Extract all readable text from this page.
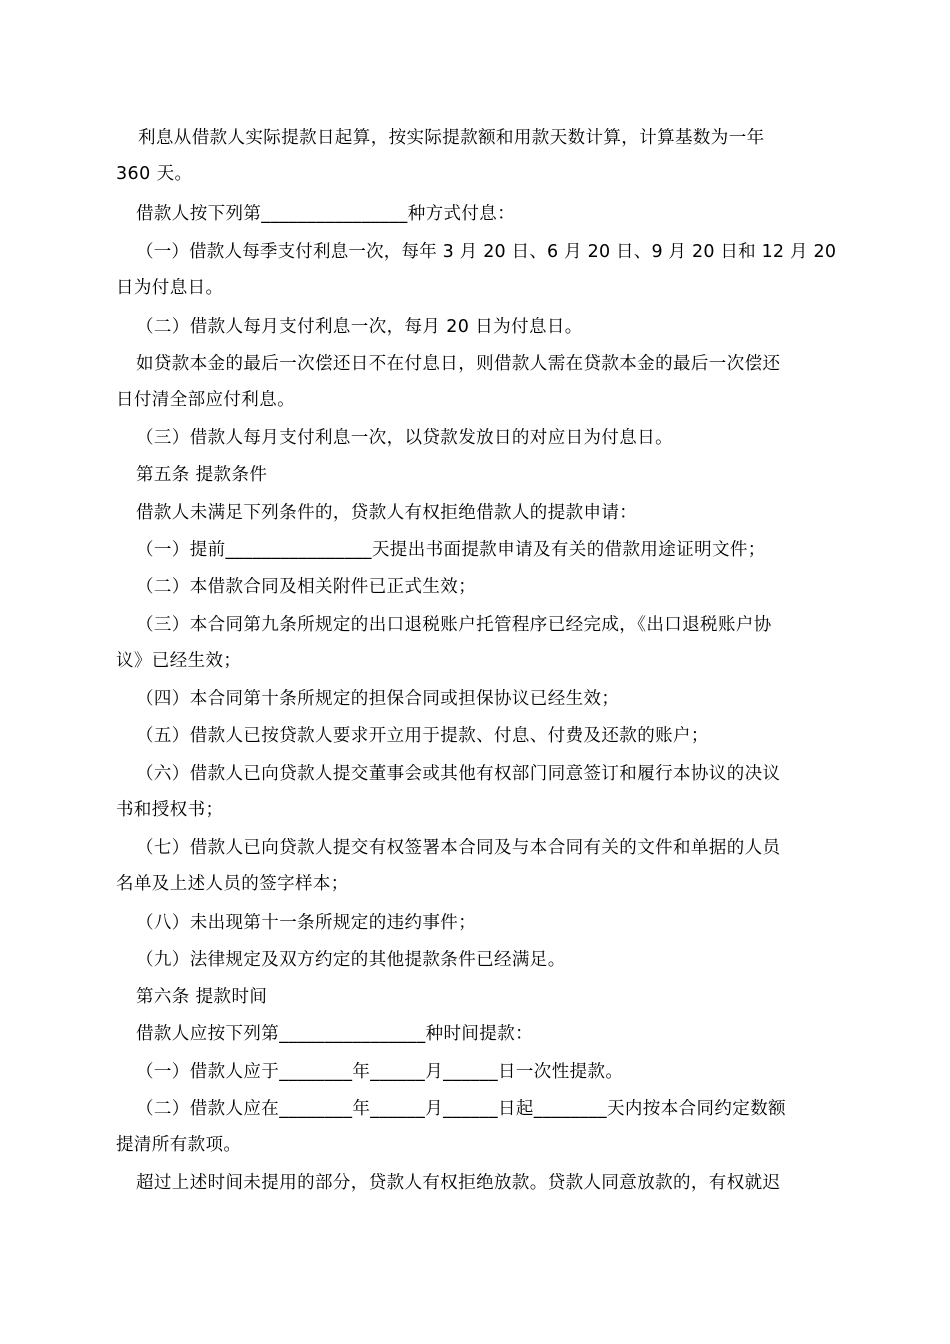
利息从借款人实际提款日起算，按实际提款额和用款天数计算，计算基数为一年
360 天。
借款人按下列第________________种方式付息：
（一）借款人每季支付利息一次，每年 3 月 20 日、6 月 20 日、9 月 20 日和 12 月 20
日为付息日。
（二）借款人每月支付利息一次，每月 20 日为付息日。
如贷款本金的最后一次偿还日不在付息日，则借款人需在贷款本金的最后一次偿还
日付清全部应付利息。
（三）借款人每月支付利息一次，以贷款发放日的对应日为付息日。
第五条 提款条件
借款人未满足下列条件的，贷款人有权拒绝借款人的提款申请：
（一）提前________________天提出书面提款申请及有关的借款用途证明文件；
（二）本借款合同及相关附件已正式生效；
（三）本合同第九条所规定的出口退税账户托管程序已经完成，《出口退税账户协
议》已经生效；
（四）本合同第十条所规定的担保合同或担保协议已经生效；
（五）借款人已按贷款人要求开立用于提款、付息、付费及还款的账户；
（六）借款人已向贷款人提交董事会或其他有权部门同意签订和履行本协议的决议
书和授权书；
（七）借款人已向贷款人提交有权签署本合同及与本合同有关的文件和单据的人员
名单及上述人员的签字样本；
（八）未出现第十一条所规定的违约事件；
（九）法律规定及双方约定的其他提款条件已经满足。
第六条 提款时间
借款人应按下列第________________种时间提款：
（一）借款人应于________年______月______日一次性提款。
（二）借款人应在________年______月______日起________天内按本合同约定数额
提清所有款项。
超过上述时间未提用的部分，贷款人有权拒绝放款。贷款人同意放款的，有权就迟
